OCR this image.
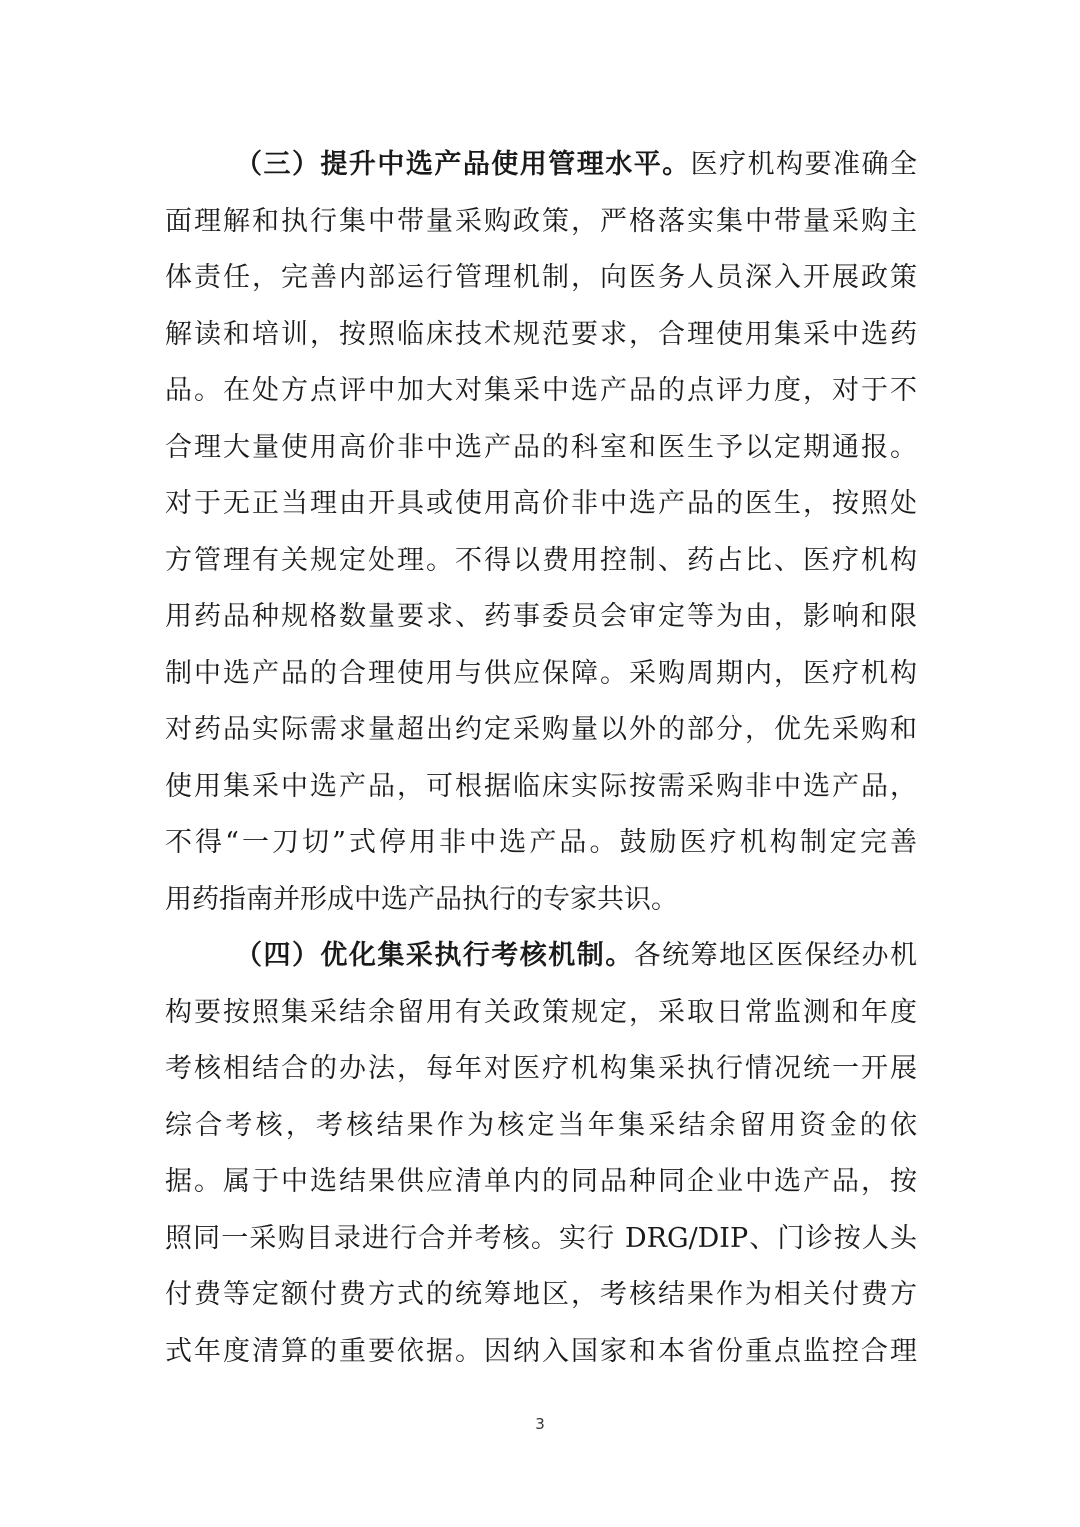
（三）提升中选产品使用管理水平。医疗机构要准确全
面理解和执行集中带量采购政策，严格落实集中带量采购主
体责任，完善内部运行管理机制，向医务人员深入开展政策
解读和培训，按照临床技术规范要求，合理使用集采中选药
品。在处方点评中加大对集采中选产品的点评力度，对于不
合理大量使用高价非中选产品的科室和医生予以定期通报。
对于无正当理由开具或使用高价非中选产品的医生，按照处
方管理有关规定处理。不得以费用控制、药占比、医疗机构
用药品种规格数量要求、药事委员会审定等为由，影响和限
制中选产品的合理使用与供应保障。采购周期内，医疗机构
对药品实际需求量超出约定采购量以外的部分，优先采购和
使用集采中选产品，可根据临床实际按需采购非中选产品，
不得“一刀切”式停用非中选产品。鼓励医疗机构制定完善
用药指南并形成中选产品执行的专家共识。
（四）优化集采执行考核机制。各统筹地区医保经办机
构要按照集采结余留用有关政策规定，采取日常监测和年度
考核相结合的办法，每年对医疗机构集采执行情况统一开展
综合考核，考核结果作为核定当年集采结余留用资金的依
据。属于中选结果供应清单内的同品种同企业中选产品，按
照同一采购目录进行合并考核。实行 DRG/DIP、门诊按人头
付费等定额付费方式的统筹地区，考核结果作为相关付费方
式年度清算的重要依据。因纳入国家和本省份重点监控合理
3
